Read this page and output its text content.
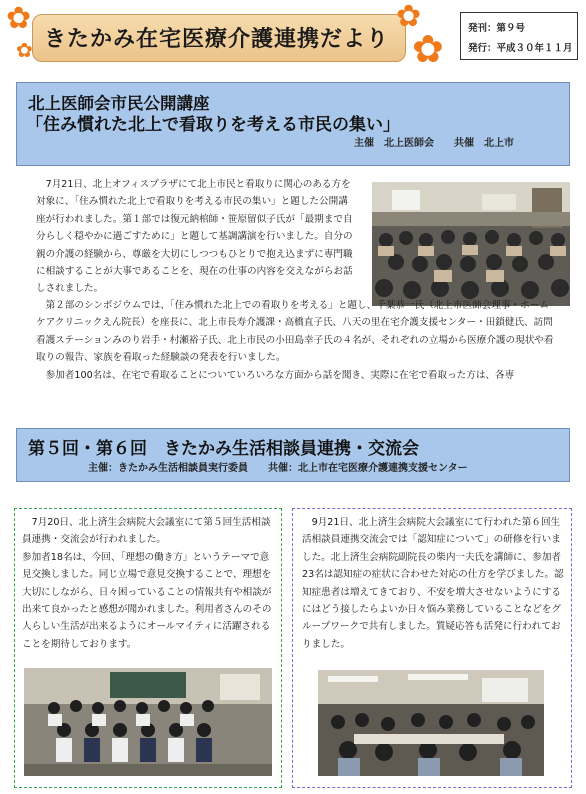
✿
✿
✿
✿
きたかみ在宅医療介護連携だより	発刊：第９号
発行：平成３０年１１月
北上医師会市民公開講座
「住み慣れた北上で看取りを考える市民の集い」
主催　北上医師会　　共催　北上市
　7月21日、北上オフィスプラザにて北上市民と看取りに関心のある方を対象に、「住み慣れた北上で看取りを考える市民の集い」と題した公開講座が行われました。第１部では復元納棺師・笹原留似子氏が「最期まで自分らしく穏やかに過ごすために」と題して基調講演を行いました。自分の親の介護の経験から、尊厳を大切にしつつもひとりで抱え込まずに専門職に相談することが大事であることを、現在の仕事の内容を交えながらお話しされました。
　第２部のシンポジウムでは、「住み慣れた北上での看取りを考える」と題し、千葉恭一氏（北上市医師会理事・ホームケアクリニックえん院長）を座長に、北上市長寿介護課・高橋直子氏、八天の里在宅介護支援センター・田鎖健氏、訪問看護ステーションみのり岩手・村瀬裕子氏、北上市民の小田島幸子氏の４名が、それぞれの立場から医療介護の現状や看取りの報告、家族を看取った経験談の発表を行いました。
　参加者100名は、在宅で看取ることについていろいろな方面から話を聞き、実際に在宅で看取った方は、各専
第５回・第６回　きたかみ生活相談員連携・交流会
主催：きたかみ生活相談員実行委員　　共催：北上市在宅医療介護連携支援センター
　7月20日、北上済生会病院大会議室にて第５回生活相談員連携・交流会が行われました。
参加者18名は、今回、「理想の働き方」というテーマで意見交換しました。同じ立場で意見交換することで、理想を大切にしながら、日々困っていることの情報共有や相談が出来て良かったと感想が聞かれました。利用者さんのその人らしい生活が出来るようにオールマイティに活躍されることを期待しております。
　9月21日、北上済生会病院大会議室にて行われた第６回生活相談員連携交流会では「認知症について」の研修を行いました。北上済生会病院副院長の柴内一夫氏を講師に、参加者23名は認知症の症状に合わせた対応の仕方を学びました。認知症患者は増えてきており、不安を増大させないようにするにはどう接したらよいか日々悩み業務していることなどをグループワークで共有しました。質疑応答も活発に行われておりました。
